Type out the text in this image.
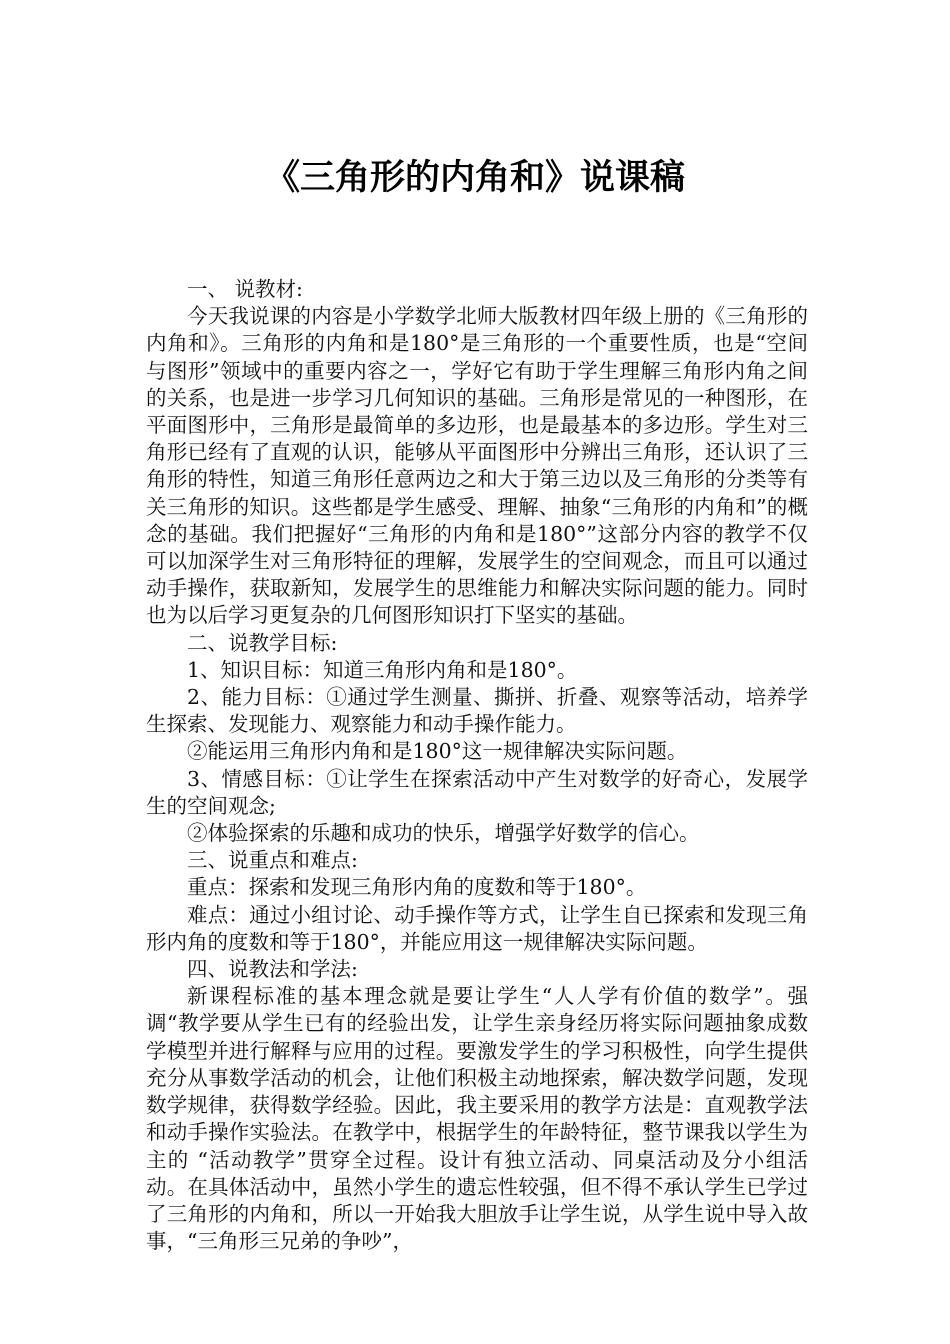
《三角形的内角和》说课稿

一、 说教材:

今天我说课的内容是小学数学北师大版教材四年级上册的《三角形的内角和》。三角形的内角和是180°是三角形的一个重要性质，也是“空间与图形”领域中的重要内容之一，学好它有助于学生理解三角形内角之间的关系，也是进一步学习几何知识的基础。三角形是常见的一种图形，在平面图形中，三角形是最简单的多边形，也是最基本的多边形。学生对三角形已经有了直观的认识，能够从平面图形中分辨出三角形，还认识了三角形的特性，知道三角形任意两边之和大于第三边以及三角形的分类等有关三角形的知识。这些都是学生感受、理解、抽象“三角形的内角和”的概念的基础。我们把握好“三角形的内角和是180°”这部分内容的教学不仅可以加深学生对三角形特征的理解，发展学生的空间观念，而且可以通过动手操作，获取新知，发展学生的思维能力和解决实际问题的能力。同时也为以后学习更复杂的几何图形知识打下坚实的基础。

二、说教学目标:

1、知识目标：知道三角形内角和是180°。

2、能力目标：①通过学生测量、撕拼、折叠、观察等活动，培养学生探索、发现能力、观察能力和动手操作能力。

②能运用三角形内角和是180°这一规律解决实际问题。

3、情感目标：①让学生在探索活动中产生对数学的好奇心，发展学生的空间观念;

②体验探索的乐趣和成功的快乐，增强学好数学的信心。

三、说重点和难点:

重点：探索和发现三角形内角的度数和等于180°。

难点：通过小组讨论、动手操作等方式，让学生自已探索和发现三角形内角的度数和等于180°，并能应用这一规律解决实际问题。

四、说教法和学法:

新课程标准的基本理念就是要让学生“人人学有价值的数学”。强调“教学要从学生已有的经验出发，让学生亲身经历将实际问题抽象成数学模型并进行解释与应用的过程。要激发学生的学习积极性，向学生提供充分从事数学活动的机会，让他们积极主动地探索，解决数学问题，发现数学规律，获得数学经验。因此，我主要采用的教学方法是：直观教学法和动手操作实验法。在教学中，根据学生的年龄特征，整节课我以学生为主的 “活动教学”贯穿全过程。设计有独立活动、同桌活动及分小组活动。在具体活动中，虽然小学生的遗忘性较强，但不得不承认学生已学过了三角形的内角和，所以一开始我大胆放手让学生说，从学生说中导入故事，“三角形三兄弟的争吵”，
